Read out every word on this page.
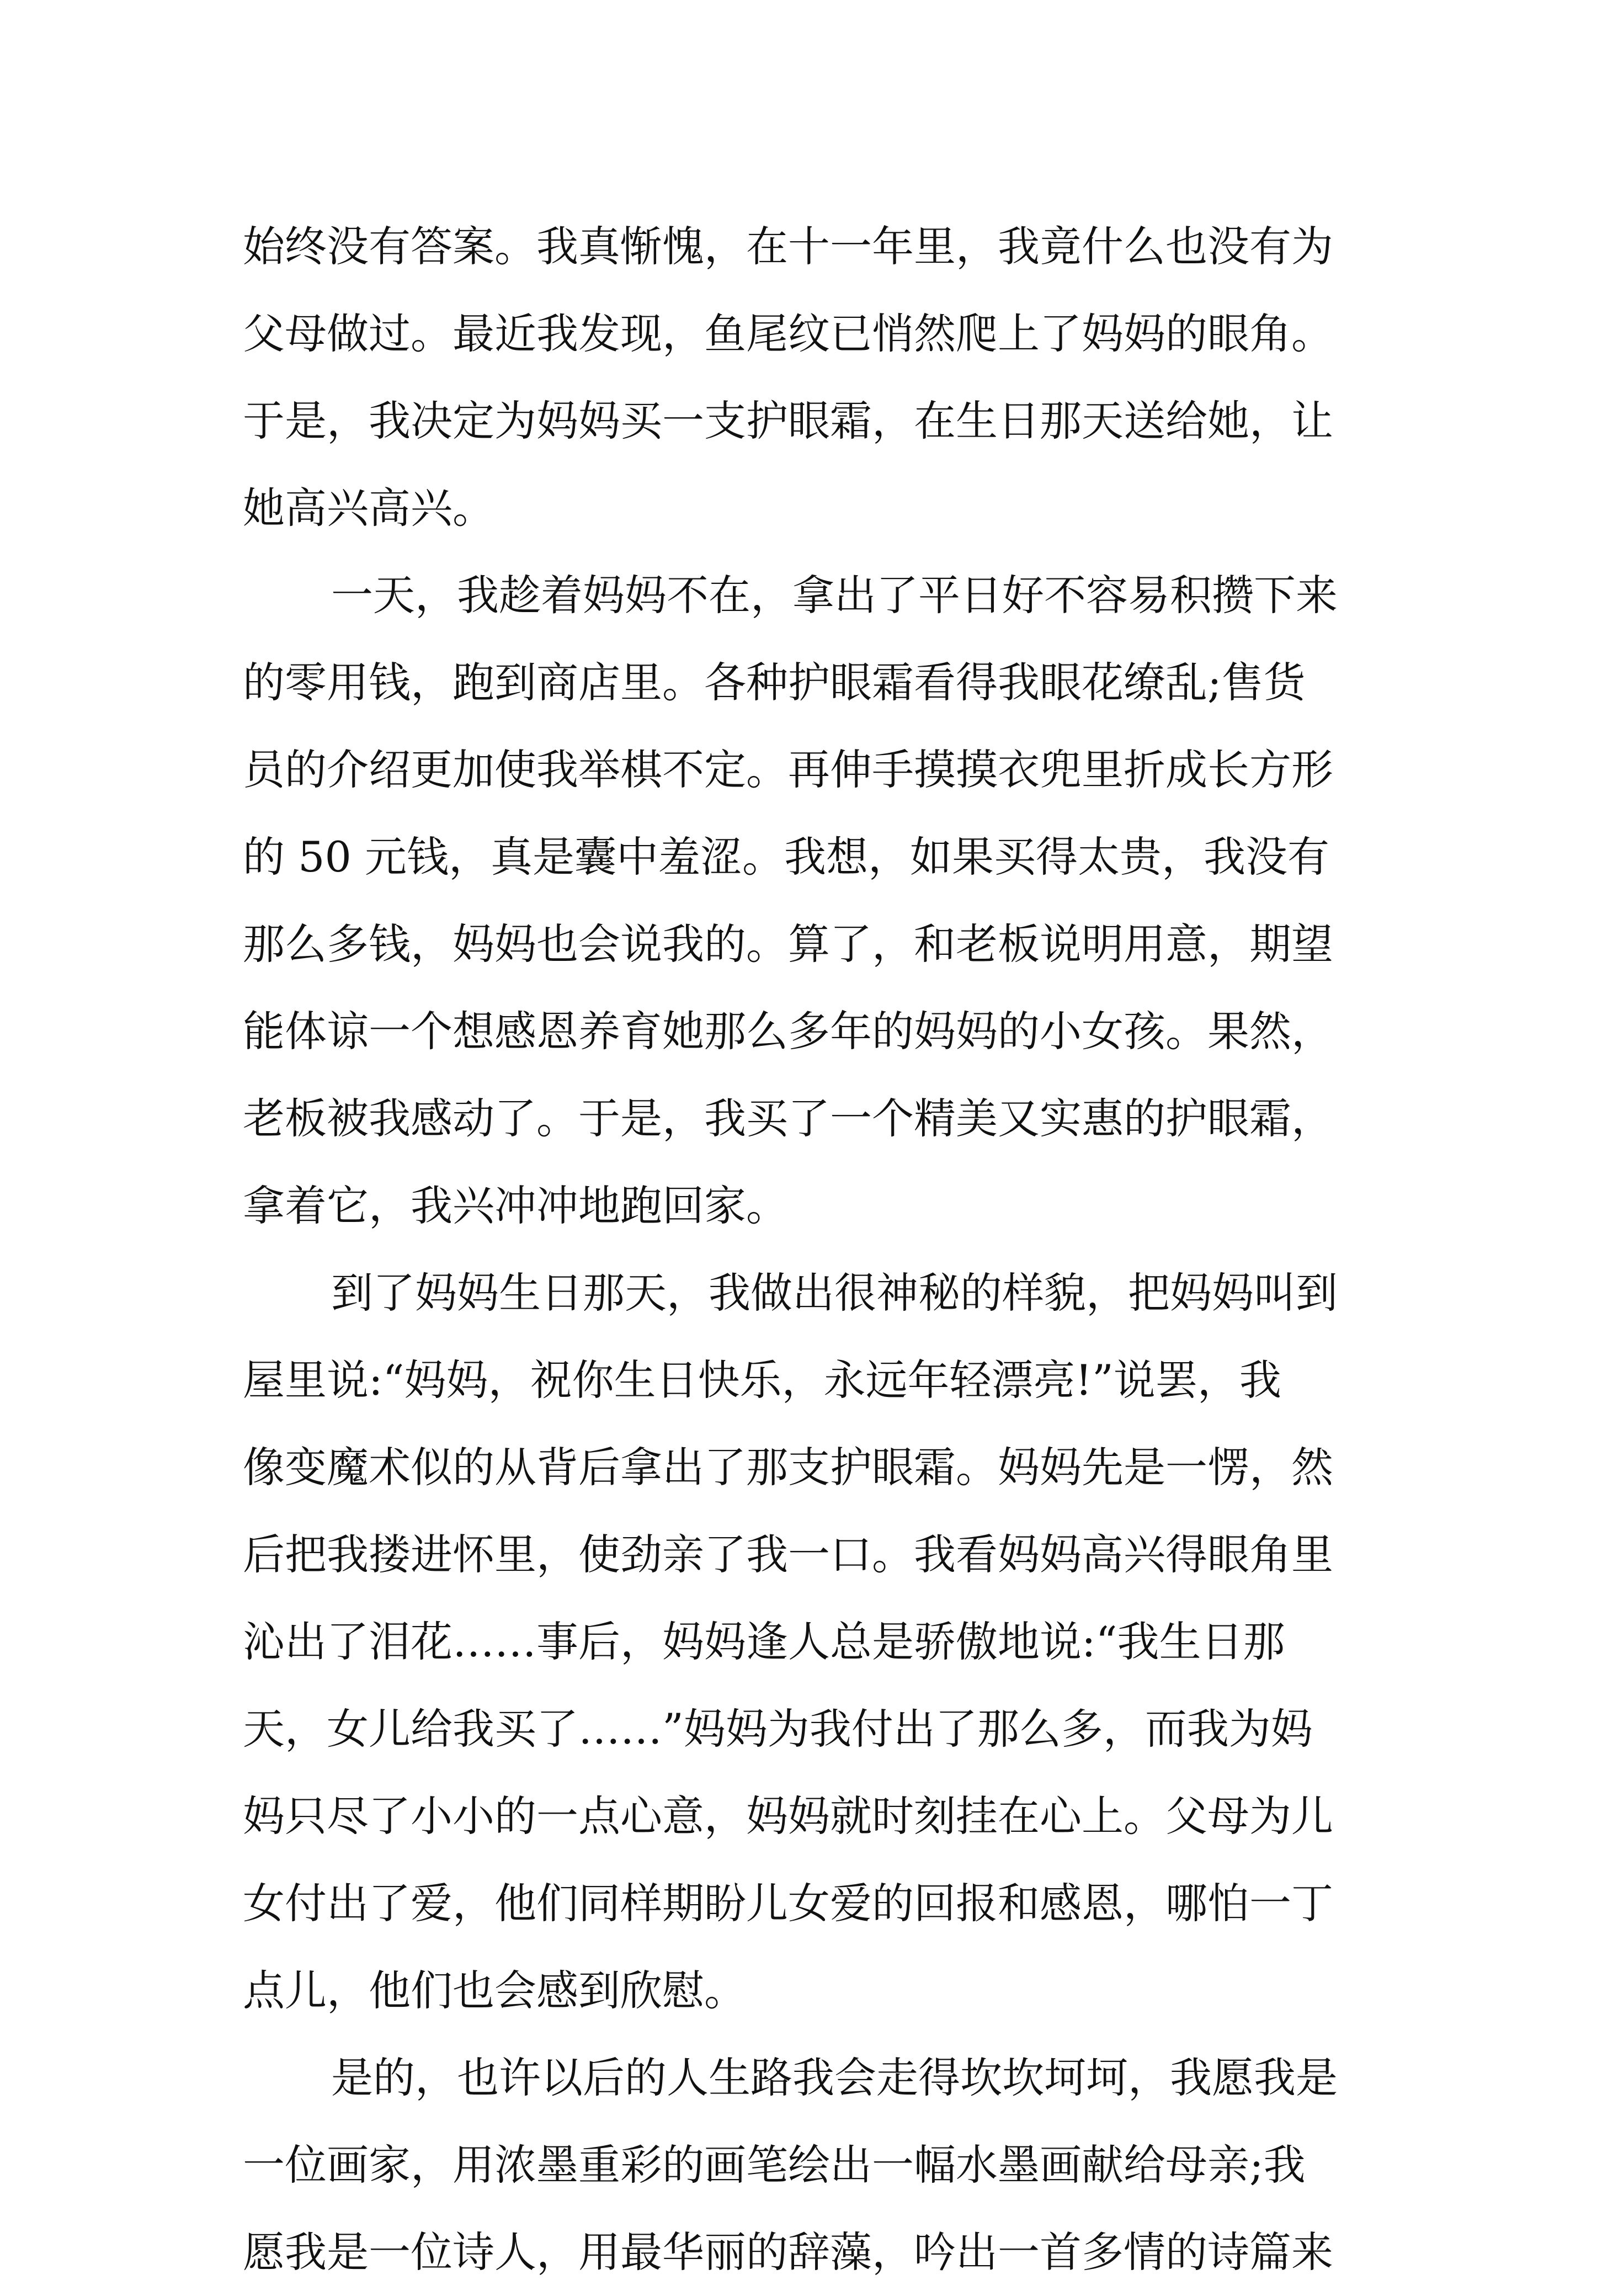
始终没有答案。我真惭愧，在十一年里，我竟什么也没有为
父母做过。最近我发现，鱼尾纹已悄然爬上了妈妈的眼角。
于是，我决定为妈妈买一支护眼霜，在生日那天送给她，让
她高兴高兴。
一天，我趁着妈妈不在，拿出了平日好不容易积攒下来
的零用钱，跑到商店里。各种护眼霜看得我眼花缭乱;售货
员的介绍更加使我举棋不定。再伸手摸摸衣兜里折成长方形
的 50 元钱，真是囊中羞涩。我想，如果买得太贵，我没有
那么多钱，妈妈也会说我的。算了，和老板说明用意，期望
能体谅一个想感恩养育她那么多年的妈妈的小女孩。果然，
老板被我感动了。于是，我买了一个精美又实惠的护眼霜，
拿着它，我兴冲冲地跑回家。
到了妈妈生日那天，我做出很神秘的样貌，把妈妈叫到
屋里说:“妈妈，祝你生日快乐，永远年轻漂亮!”说罢，我
像变魔术似的从背后拿出了那支护眼霜。妈妈先是一愣，然
后把我搂进怀里，使劲亲了我一口。我看妈妈高兴得眼角里
沁出了泪花……事后，妈妈逢人总是骄傲地说:“我生日那
天，女儿给我买了……”妈妈为我付出了那么多，而我为妈
妈只尽了小小的一点心意，妈妈就时刻挂在心上。父母为儿
女付出了爱，他们同样期盼儿女爱的回报和感恩，哪怕一丁
点儿，他们也会感到欣慰。
是的，也许以后的人生路我会走得坎坎坷坷，我愿我是
一位画家，用浓墨重彩的画笔绘出一幅水墨画献给母亲;我
愿我是一位诗人，用最华丽的辞藻，吟出一首多情的诗篇来
